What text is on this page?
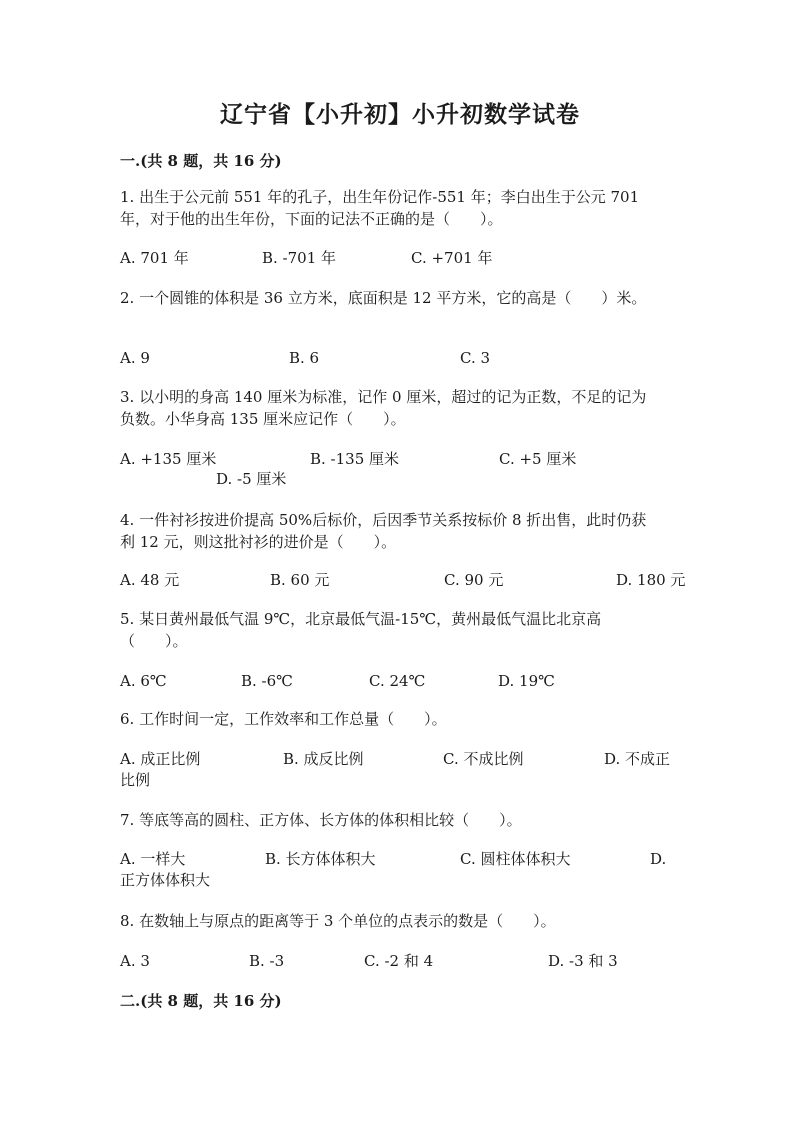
辽宁省【小升初】小升初数学试卷
一.(共 8 题，共 16 分)
1. 出生于公元前 551 年的孔子，出生年份记作-551 年；李白出生于公元 701
年，对于他的出生年份，下面的记法不正确的是（　　）。
A. 701 年	B. -701 年	C. +701 年
2. 一个圆锥的体积是 36 立方米，底面积是 12 平方米，它的高是（　　）米。
A. 9	B. 6	C. 3
3. 以小明的身高 140 厘米为标准，记作 0 厘米，超过的记为正数，不足的记为
负数。小华身高 135 厘米应记作（　　）。
A. +135 厘米	B. -135 厘米	C. +5 厘米
D. -5 厘米
4. 一件衬衫按进价提高 50%后标价，后因季节关系按标价 8 折出售，此时仍获
利 12 元，则这批衬衫的进价是（　　）。
A. 48 元	B. 60 元	C. 90 元	D. 180 元
5. 某日黄州最低气温 9℃，北京最低气温-15℃，黄州最低气温比北京高
（　　）。
A. 6℃	B. -6℃	C. 24℃	D. 19℃
6. 工作时间一定，工作效率和工作总量（　　）。
A. 成正比例	B. 成反比例	C. 不成比例	D. 不成正
比例
7. 等底等高的圆柱、正方体、长方体的体积相比较（　　）。
A. 一样大	B. 长方体体积大	C. 圆柱体体积大	D.
正方体体积大
8. 在数轴上与原点的距离等于 3 个单位的点表示的数是（　　）。
A. 3	B. -3	C. -2 和 4	D. -3 和 3
二.(共 8 题，共 16 分)
